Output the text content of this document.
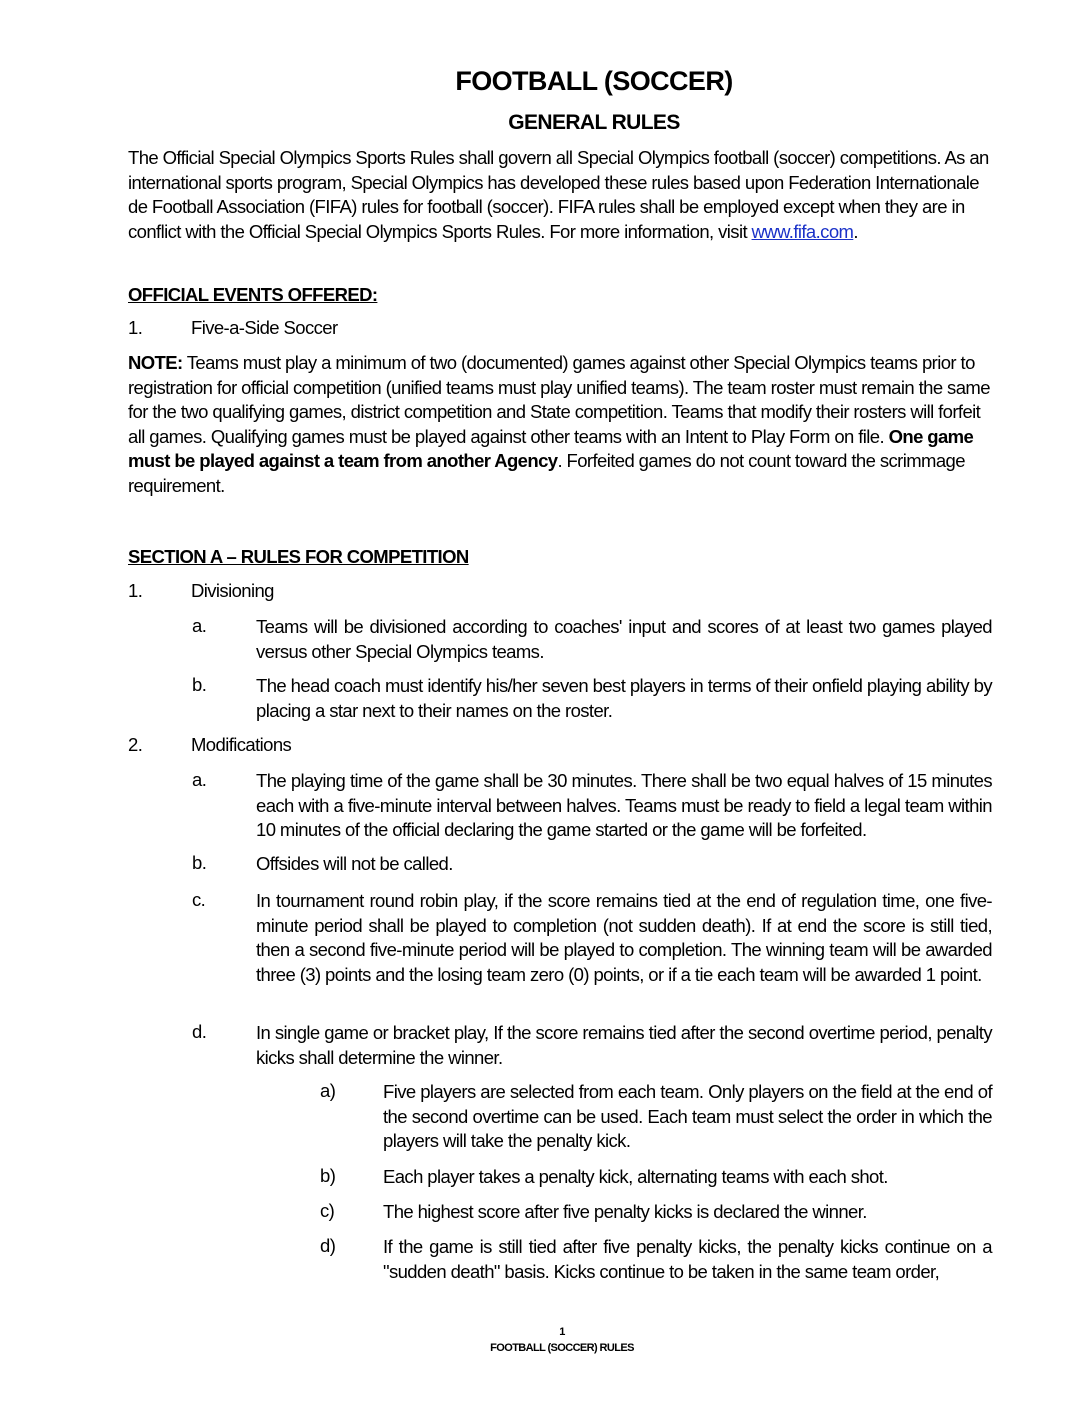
FOOTBALL (SOCCER)
GENERAL RULES
The Official Special Olympics Sports Rules shall govern all Special Olympics football (soccer) competitions. As an international sports program, Special Olympics has developed these rules based upon Federation Internationale de Football Association (FIFA) rules for football (soccer). FIFA rules shall be employed except when they are in conflict with the Official Special Olympics Sports Rules. For more information, visit www.fifa.com.
OFFICIAL EVENTS OFFERED:
1.	Five-a-Side Soccer
NOTE: Teams must play a minimum of two (documented) games against other Special Olympics teams prior to registration for official competition (unified teams must play unified teams). The team roster must remain the same for the two qualifying games, district competition and State competition. Teams that modify their rosters will forfeit all games. Qualifying games must be played against other teams with an Intent to Play Form on file. One game must be played against a team from another Agency. Forfeited games do not count toward the scrimmage requirement.
SECTION A – RULES FOR COMPETITION
1.	Divisioning
a.	Teams will be divisioned according to coaches' input and scores of at least two games played versus other Special Olympics teams.
b.	The head coach must identify his/her seven best players in terms of their onfield playing ability by placing a star next to their names on the roster.
2.	Modifications
a.	The playing time of the game shall be 30 minutes. There shall be two equal halves of 15 minutes each with a five-minute interval between halves. Teams must be ready to field a legal team within 10 minutes of the official declaring the game started or the game will be forfeited.
b.	Offsides will not be called.
c.	In tournament round robin play, if the score remains tied at the end of regulation time, one five-minute period shall be played to completion (not sudden death). If at end the score is still tied, then a second five-minute period will be played to completion. The winning team will be awarded three (3) points and the losing team zero (0) points, or if a tie each team will be awarded 1 point.
d.	In single game or bracket play, If the score remains tied after the second overtime period, penalty kicks shall determine the winner.
a)	Five players are selected from each team. Only players on the field at the end of the second overtime can be used. Each team must select the order in which the players will take the penalty kick.
b)	Each player takes a penalty kick, alternating teams with each shot.
c)	The highest score after five penalty kicks is declared the winner.
d)	If the game is still tied after five penalty kicks, the penalty kicks continue on a "sudden death" basis. Kicks continue to be taken in the same team order,
1
FOOTBALL (SOCCER) RULES
